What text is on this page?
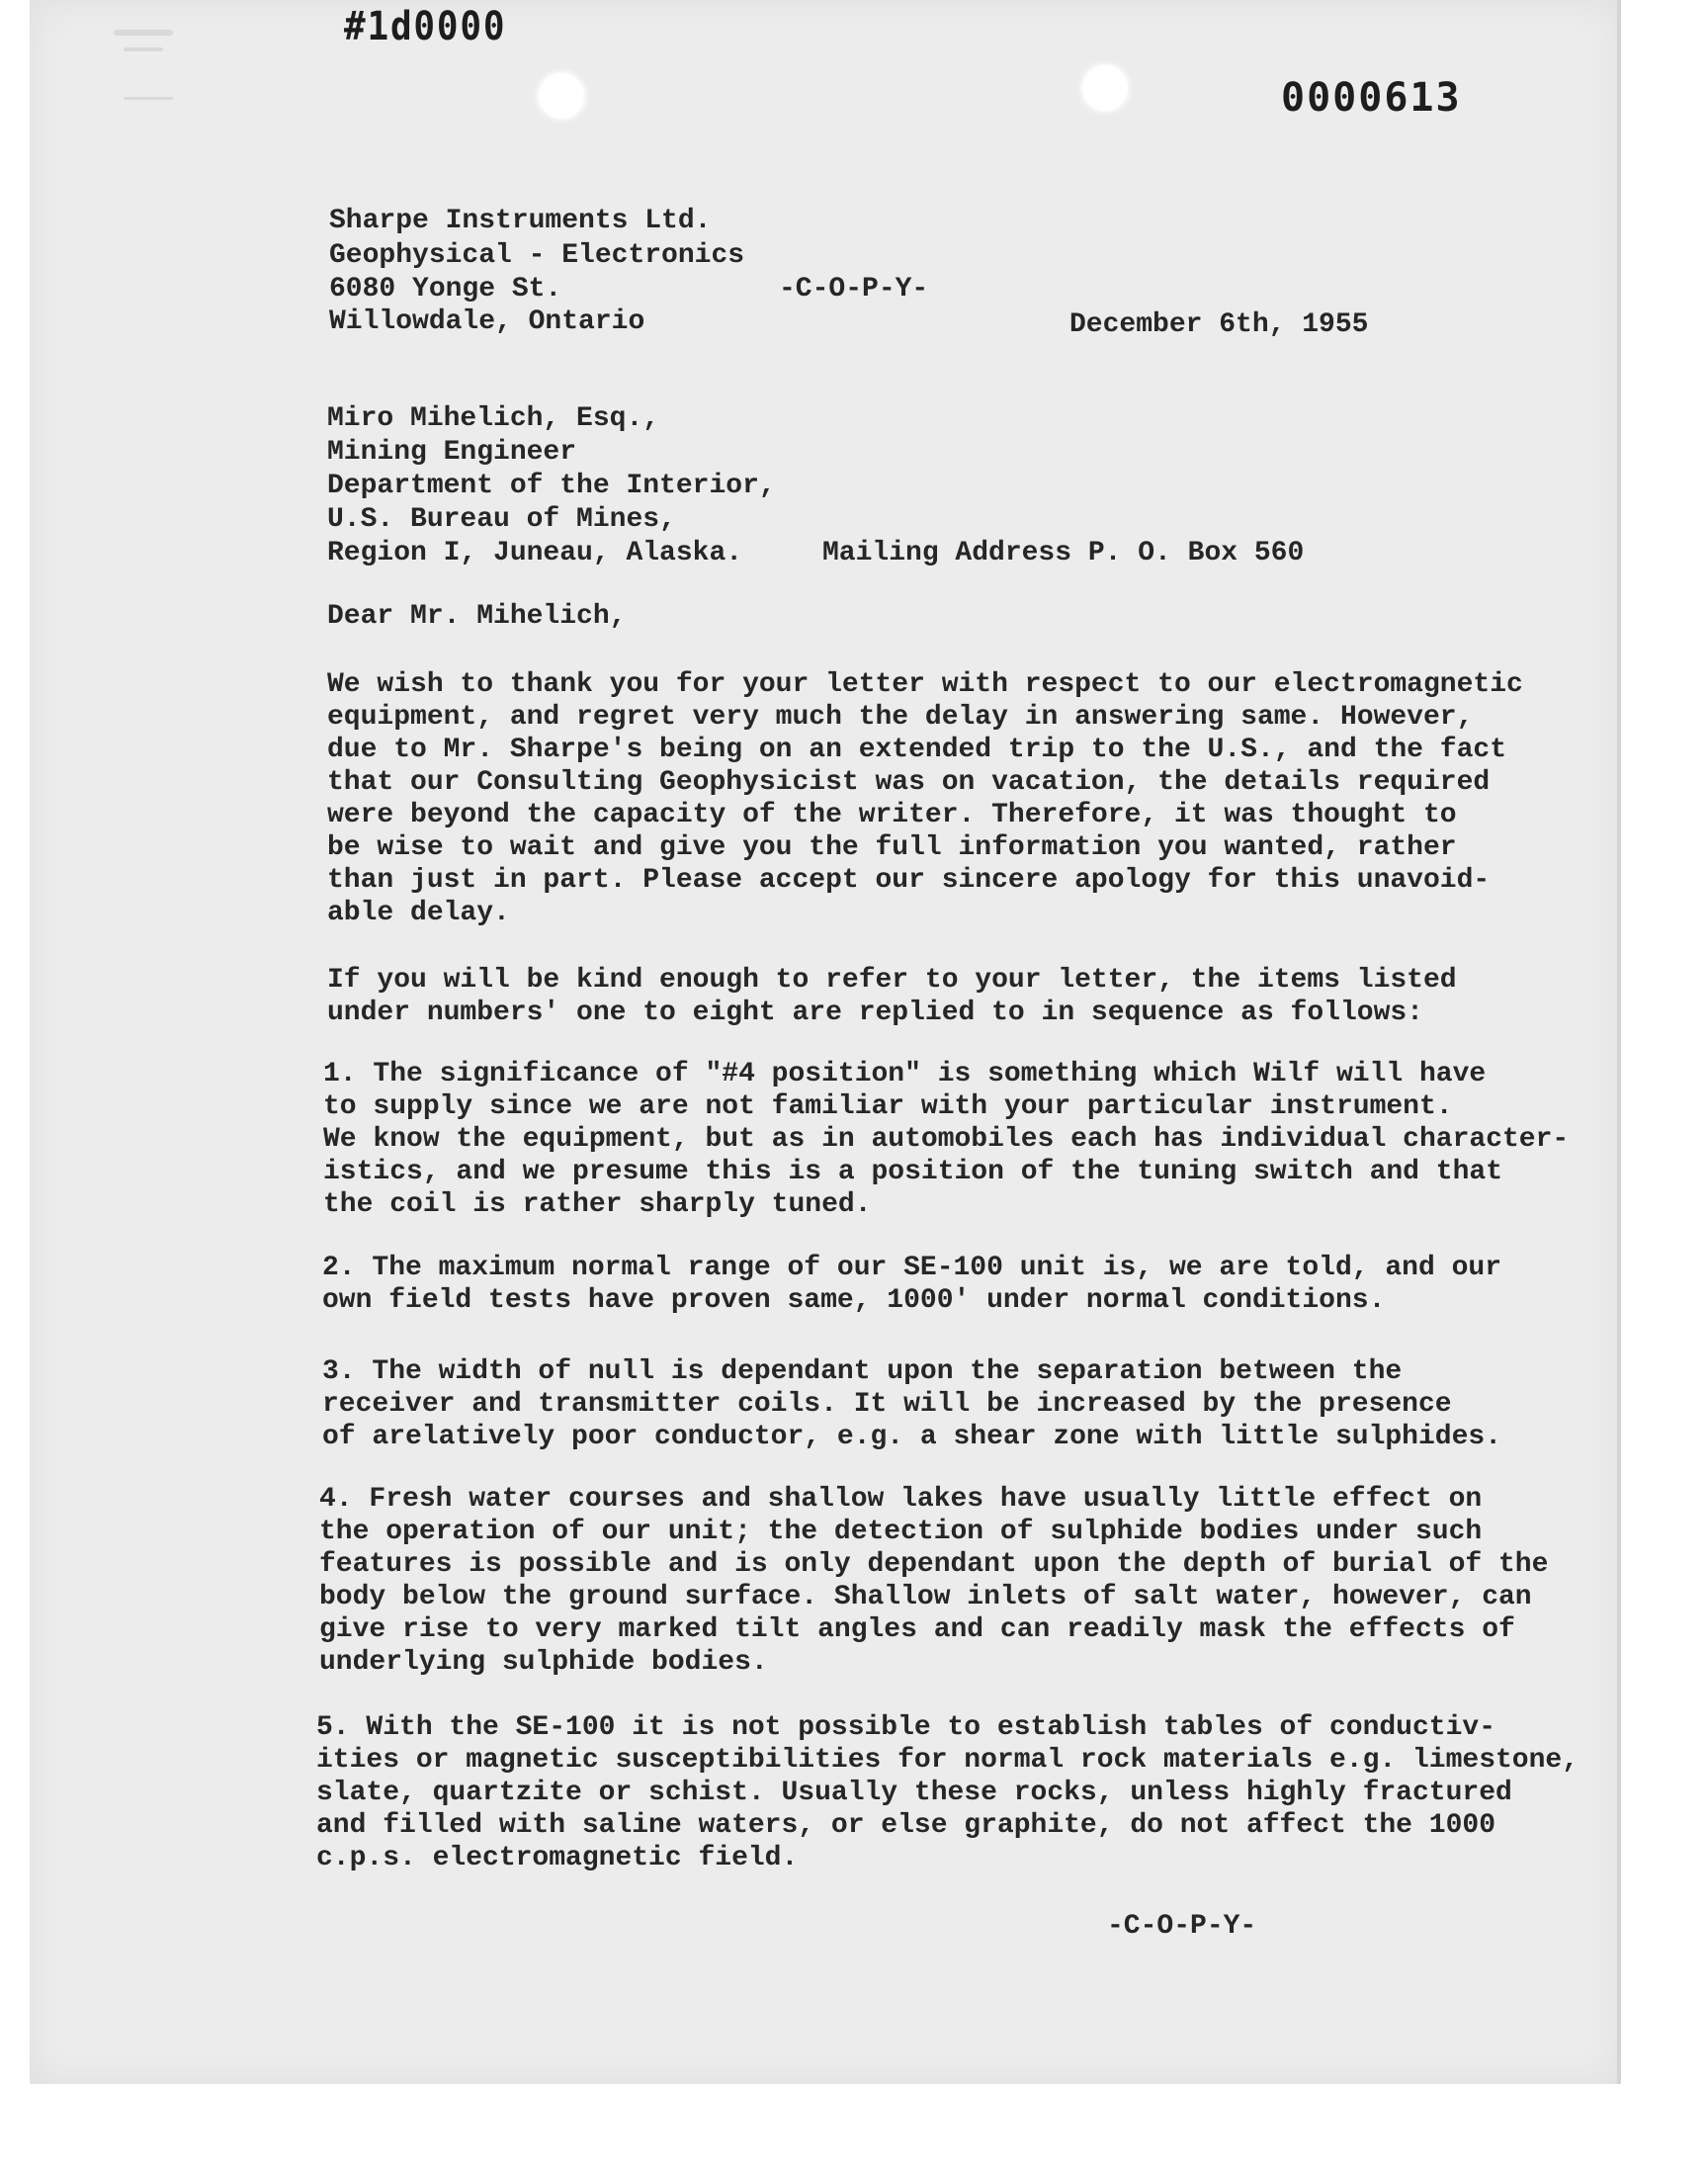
#1d0000
0000613

Sharpe Instruments Ltd.

Geophysical - Electronics

6080 Yonge St.

Willowdale, Ontario

-C-O-P-Y-

December 6th, 1955

Miro Mihelich, Esq.,

Mining Engineer

Department of the Interior,

U.S. Bureau of Mines,

Region I, Juneau, Alaska.	Mailing Address P. O. Box 560

Dear Mr. Mihelich,

We wish to thank you for your letter with respect to our electromagnetic
equipment, and regret very much the delay in answering same. However,
due to Mr. Sharpe's being on an extended trip to the U.S., and the fact
that our Consulting Geophysicist was on vacation, the details required
were beyond the capacity of the writer. Therefore, it was thought to
be wise to wait and give you the full information you wanted, rather
than just in part. Please accept our sincere apology for this unavoid-
able delay.

If you will be kind enough to refer to your letter, the items listed
under numbers' one to eight are replied to in sequence as follows:

1. The significance of "#4 position" is something which Wilf will have
to supply since we are not familiar with your particular instrument.
We know the equipment, but as in automobiles each has individual character-
istics, and we presume this is a position of the tuning switch and that
the coil is rather sharply tuned.

2. The maximum normal range of our SE-100 unit is, we are told, and our
own field tests have proven same, 1000' under normal conditions.

3. The width of null is dependant upon the separation between the
receiver and transmitter coils. It will be increased by the presence
of arelatively poor conductor, e.g. a shear zone with little sulphides.

4. Fresh water courses and shallow lakes have usually little effect on
the operation of our unit; the detection of sulphide bodies under such
features is possible and is only dependant upon the depth of burial of the
body below the ground surface. Shallow inlets of salt water, however, can
give rise to very marked tilt angles and can readily mask the effects of
underlying sulphide bodies.

5. With the SE-100 it is not possible to establish tables of conductiv-
ities or magnetic susceptibilities for normal rock materials e.g. limestone,
slate, quartzite or schist. Usually these rocks, unless highly fractured
and filled with saline waters, or else graphite, do not affect the 1000
c.p.s. electromagnetic field.

-C-O-P-Y-
